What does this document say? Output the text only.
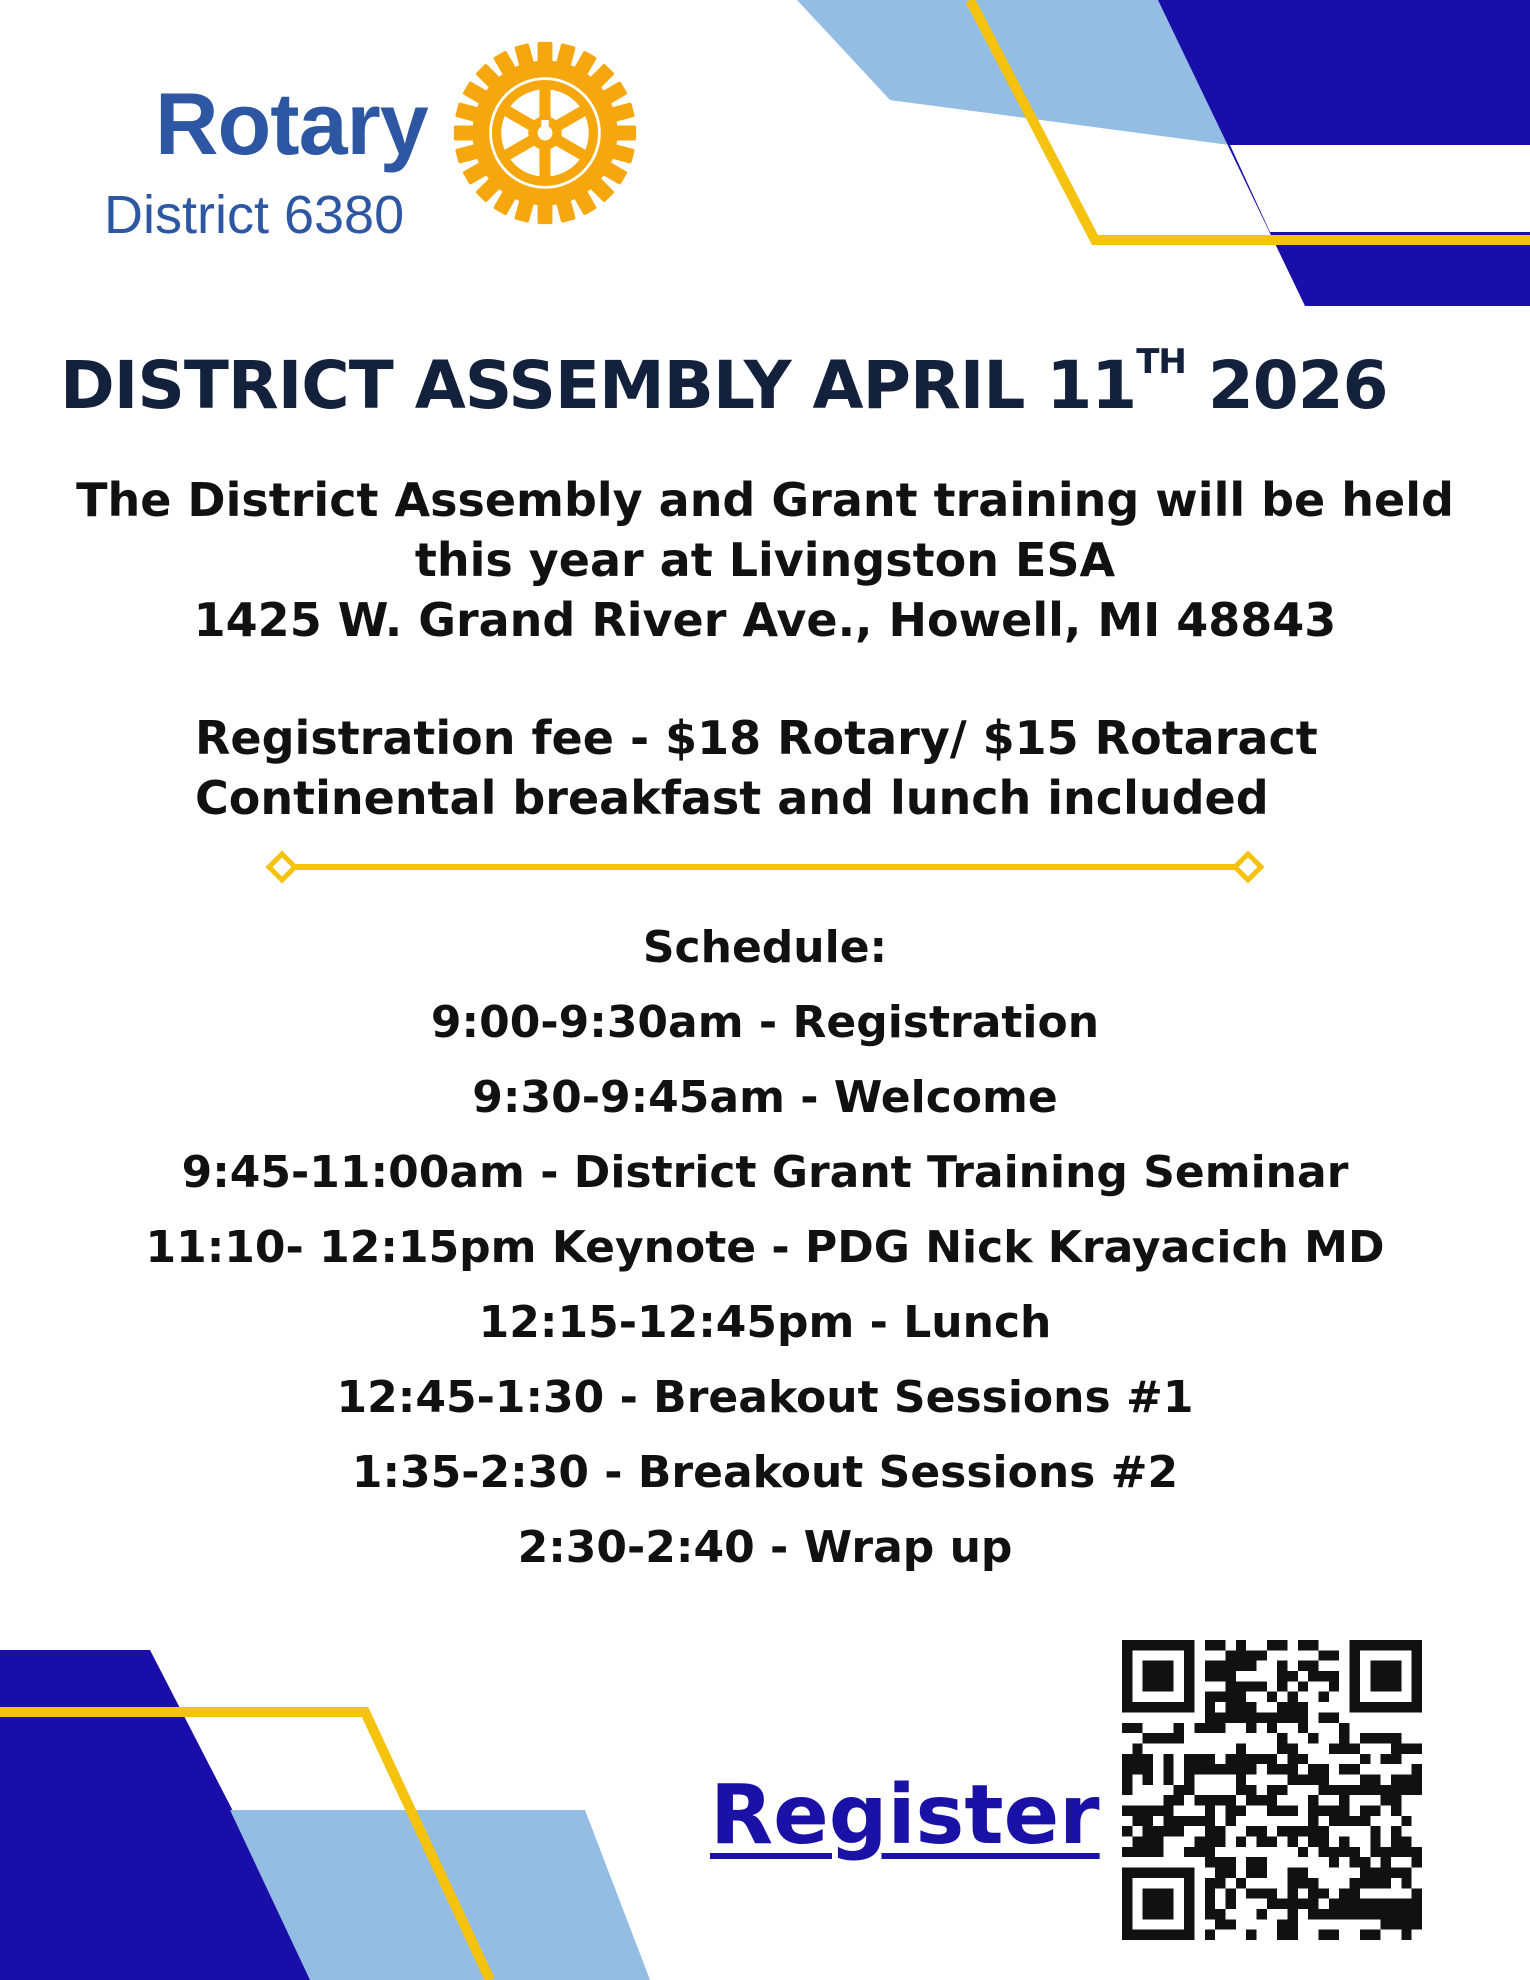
Rotary
District 6380
DISTRICT ASSEMBLY APRIL 11TH 2026
The District Assembly and Grant training will be held
this year at Livingston ESA
1425 W. Grand River Ave., Howell, MI 48843
Registration fee - $18 Rotary/ $15 Rotaract
Continental breakfast and lunch included
Schedule:
9:00-9:30am - Registration
9:30-9:45am - Welcome
9:45-11:00am - District Grant Training Seminar
11:10- 12:15pm Keynote - PDG Nick Krayacich MD
12:15-12:45pm - Lunch
12:45-1:30 - Breakout Sessions #1
1:35-2:30 - Breakout Sessions #2
2:30-2:40 - Wrap up
Register
